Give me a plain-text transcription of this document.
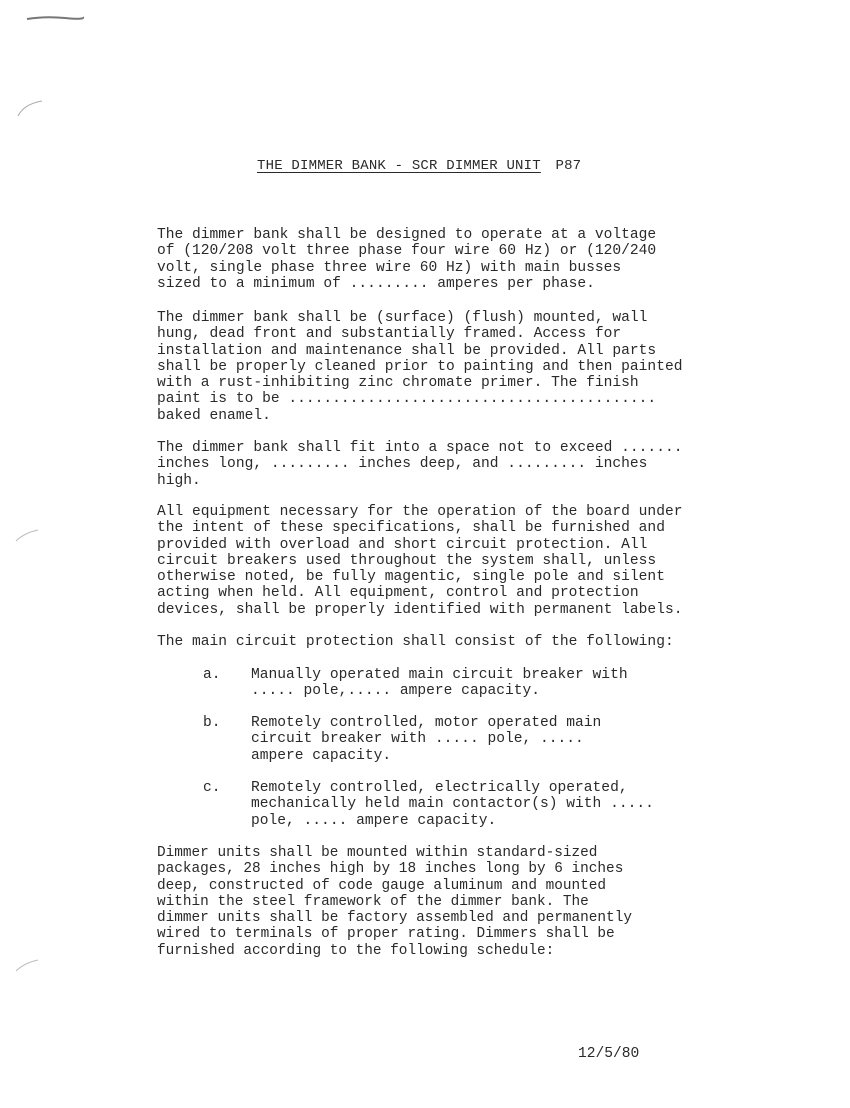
THE DIMMER BANK - SCR DIMMER UNIT P87

The dimmer bank shall be designed to operate at a voltage
of (120/208 volt three phase four wire 60 Hz) or (120/240
volt, single phase three wire 60 Hz) with main busses
sized to a minimum of ......... amperes per phase.

The dimmer bank shall be (surface) (flush) mounted, wall
hung, dead front and substantially framed. Access for
installation and maintenance shall be provided. All parts
shall be properly cleaned prior to painting and then painted
with a rust-inhibiting zinc chromate primer. The finish
paint is to be ..........................................
baked enamel.

The dimmer bank shall fit into a space not to exceed .......
inches long, ......... inches deep, and ......... inches
high.

All equipment necessary for the operation of the board under
the intent of these specifications, shall be furnished and
provided with overload and short circuit protection. All
circuit breakers used throughout the system shall, unless
otherwise noted, be fully magentic, single pole and silent
acting when held. All equipment, control and protection
devices, shall be properly identified with permanent labels.

The main circuit protection shall consist of the following:

a. Manually operated main circuit breaker with
..... pole,..... ampere capacity.

b. Remotely controlled, motor operated main
circuit breaker with ..... pole, .....
ampere capacity.

c. Remotely controlled, electrically operated,
mechanically held main contactor(s) with .....
pole, ..... ampere capacity.

Dimmer units shall be mounted within standard-sized
packages, 28 inches high by 18 inches long by 6 inches
deep, constructed of code gauge aluminum and mounted
within the steel framework of the dimmer bank. The
dimmer units shall be factory assembled and permanently
wired to terminals of proper rating. Dimmers shall be
furnished according to the following schedule:

12/5/80
